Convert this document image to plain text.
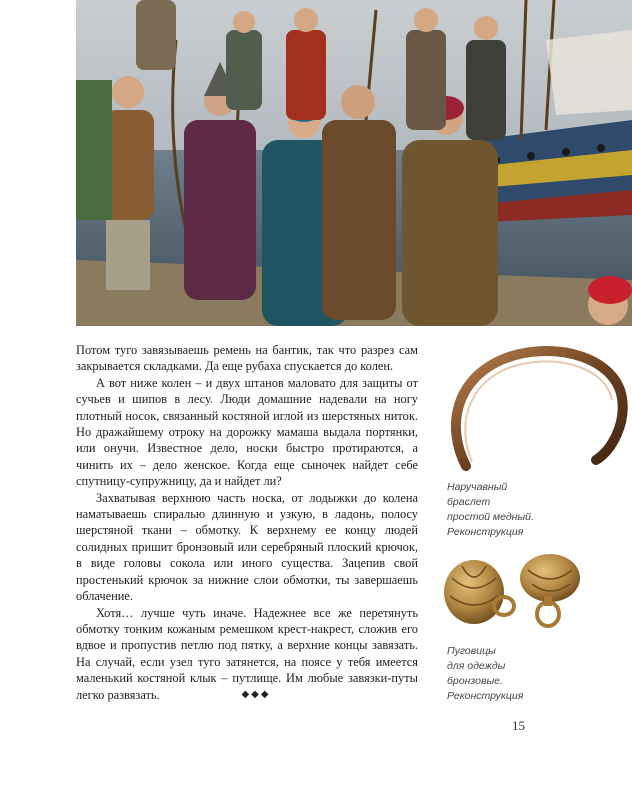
Потом туго завязываешь ремень на бантик, так что разрез сам закрывается складками. Да еще рубаха спускается до колен.

А вот ниже колен – и двух штанов маловато для защиты от сучьев и шипов в лесу. Люди домашние надевали на ногу плотный носок, связанный костяной иглой из шерстяных ниток. Но дражайшему отроку на дорожку мамаша выдала портянки, или онучи. Известное дело, носки быстро протираются, а чинить их – дело женское. Когда еще сыночек найдет себе спутницу-супружницу, да и найдет ли?

Захватывая верхнюю часть носка, от лодыжки до колена наматываешь спиралью длинную и узкую, в ладонь, полосу шерстяной ткани – обмотку. К верхнему ее концу людей солидных пришит бронзовый или серебряный плоский крючок, в виде головы сокола или иного существа. Зацепив свой простенький крючок за нижние слои обмотки, ты завершаешь облачение.

Хотя… лучше чуть иначе. Надежнее все же перетянуть обмотку тонким кожаным ремешком крест-накрест, сложив его вдвое и пропустив петлю под пятку, а верхние концы завязать. На случай, если узел туго затянется, на поясе у тебя имеется маленький костяной клык – путлище. Им любые завязки-путы легко развязать.	◆◆◆
Наручавный
браслет
простой медный.
Реконструкция
Пуговицы
для одежды
бронзовые.
Реконструкция
15
